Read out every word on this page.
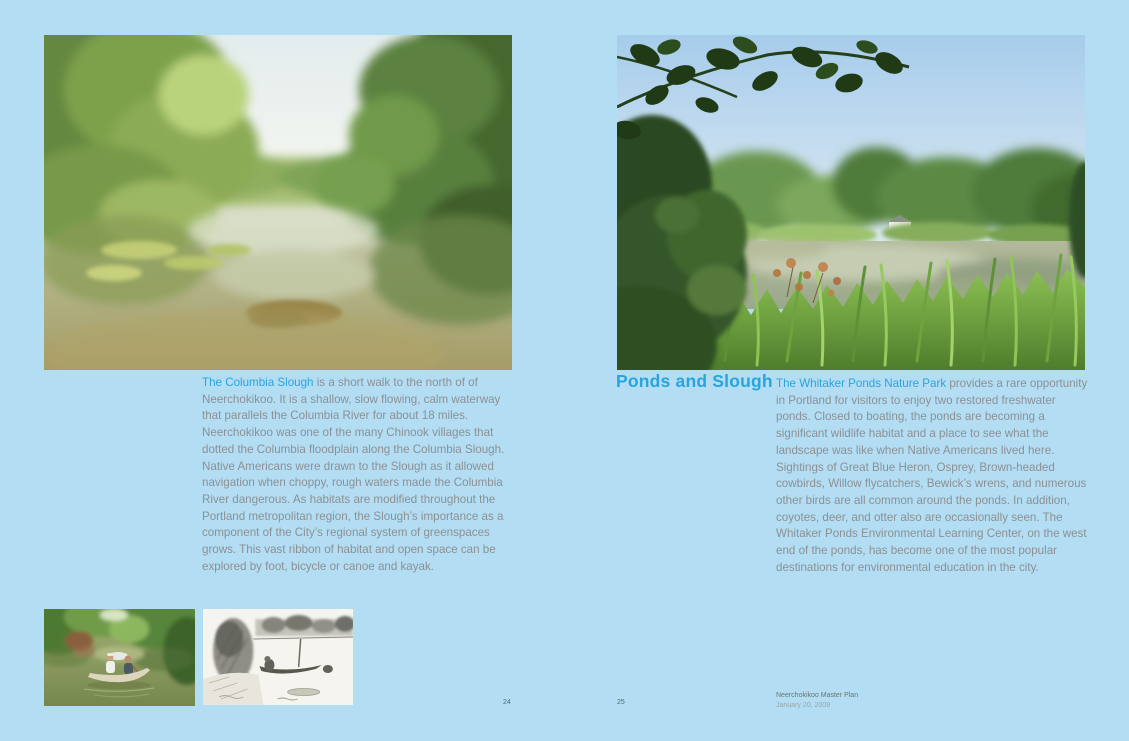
The Columbia Slough is a short walk to the north of of Neerchokikoo. It is a shallow, slow flowing, calm waterway that parallels the Columbia River for about 18 miles. Neerchokikoo was one of the many Chinook villages that dotted the Columbia floodplain along the Columbia Slough. Native Americans were drawn to the Slough as it allowed navigation when choppy, rough waters made the Columbia River dangerous. As habitats are modified throughout the Portland metropolitan region, the Slough’s importance as a component of the City’s regional system of greenspaces grows. This vast ribbon of habitat and open space can be explored by foot, bicycle or canoe and kayak.

24
Ponds and Slough The Whitaker Ponds Nature Park provides a rare opportunity in Portland for visitors to enjoy two restored freshwater ponds. Closed to boating, the ponds are becoming a significant wildlife habitat and a place to see what the landscape was like when Native Americans lived here. Sightings of Great Blue Heron, Osprey, Brown-headed cowbirds, Willow flycatchers, Bewick’s wrens, and numerous other birds are all common around the ponds. In addition, coyotes, deer, and otter also are occasionally seen. The Whitaker Ponds Environmental Learning Center, on the west end of the ponds, has become one of the most popular destinations for environmental education in the city.

Neerchokikoo Master Plan
January 20, 2009
25
